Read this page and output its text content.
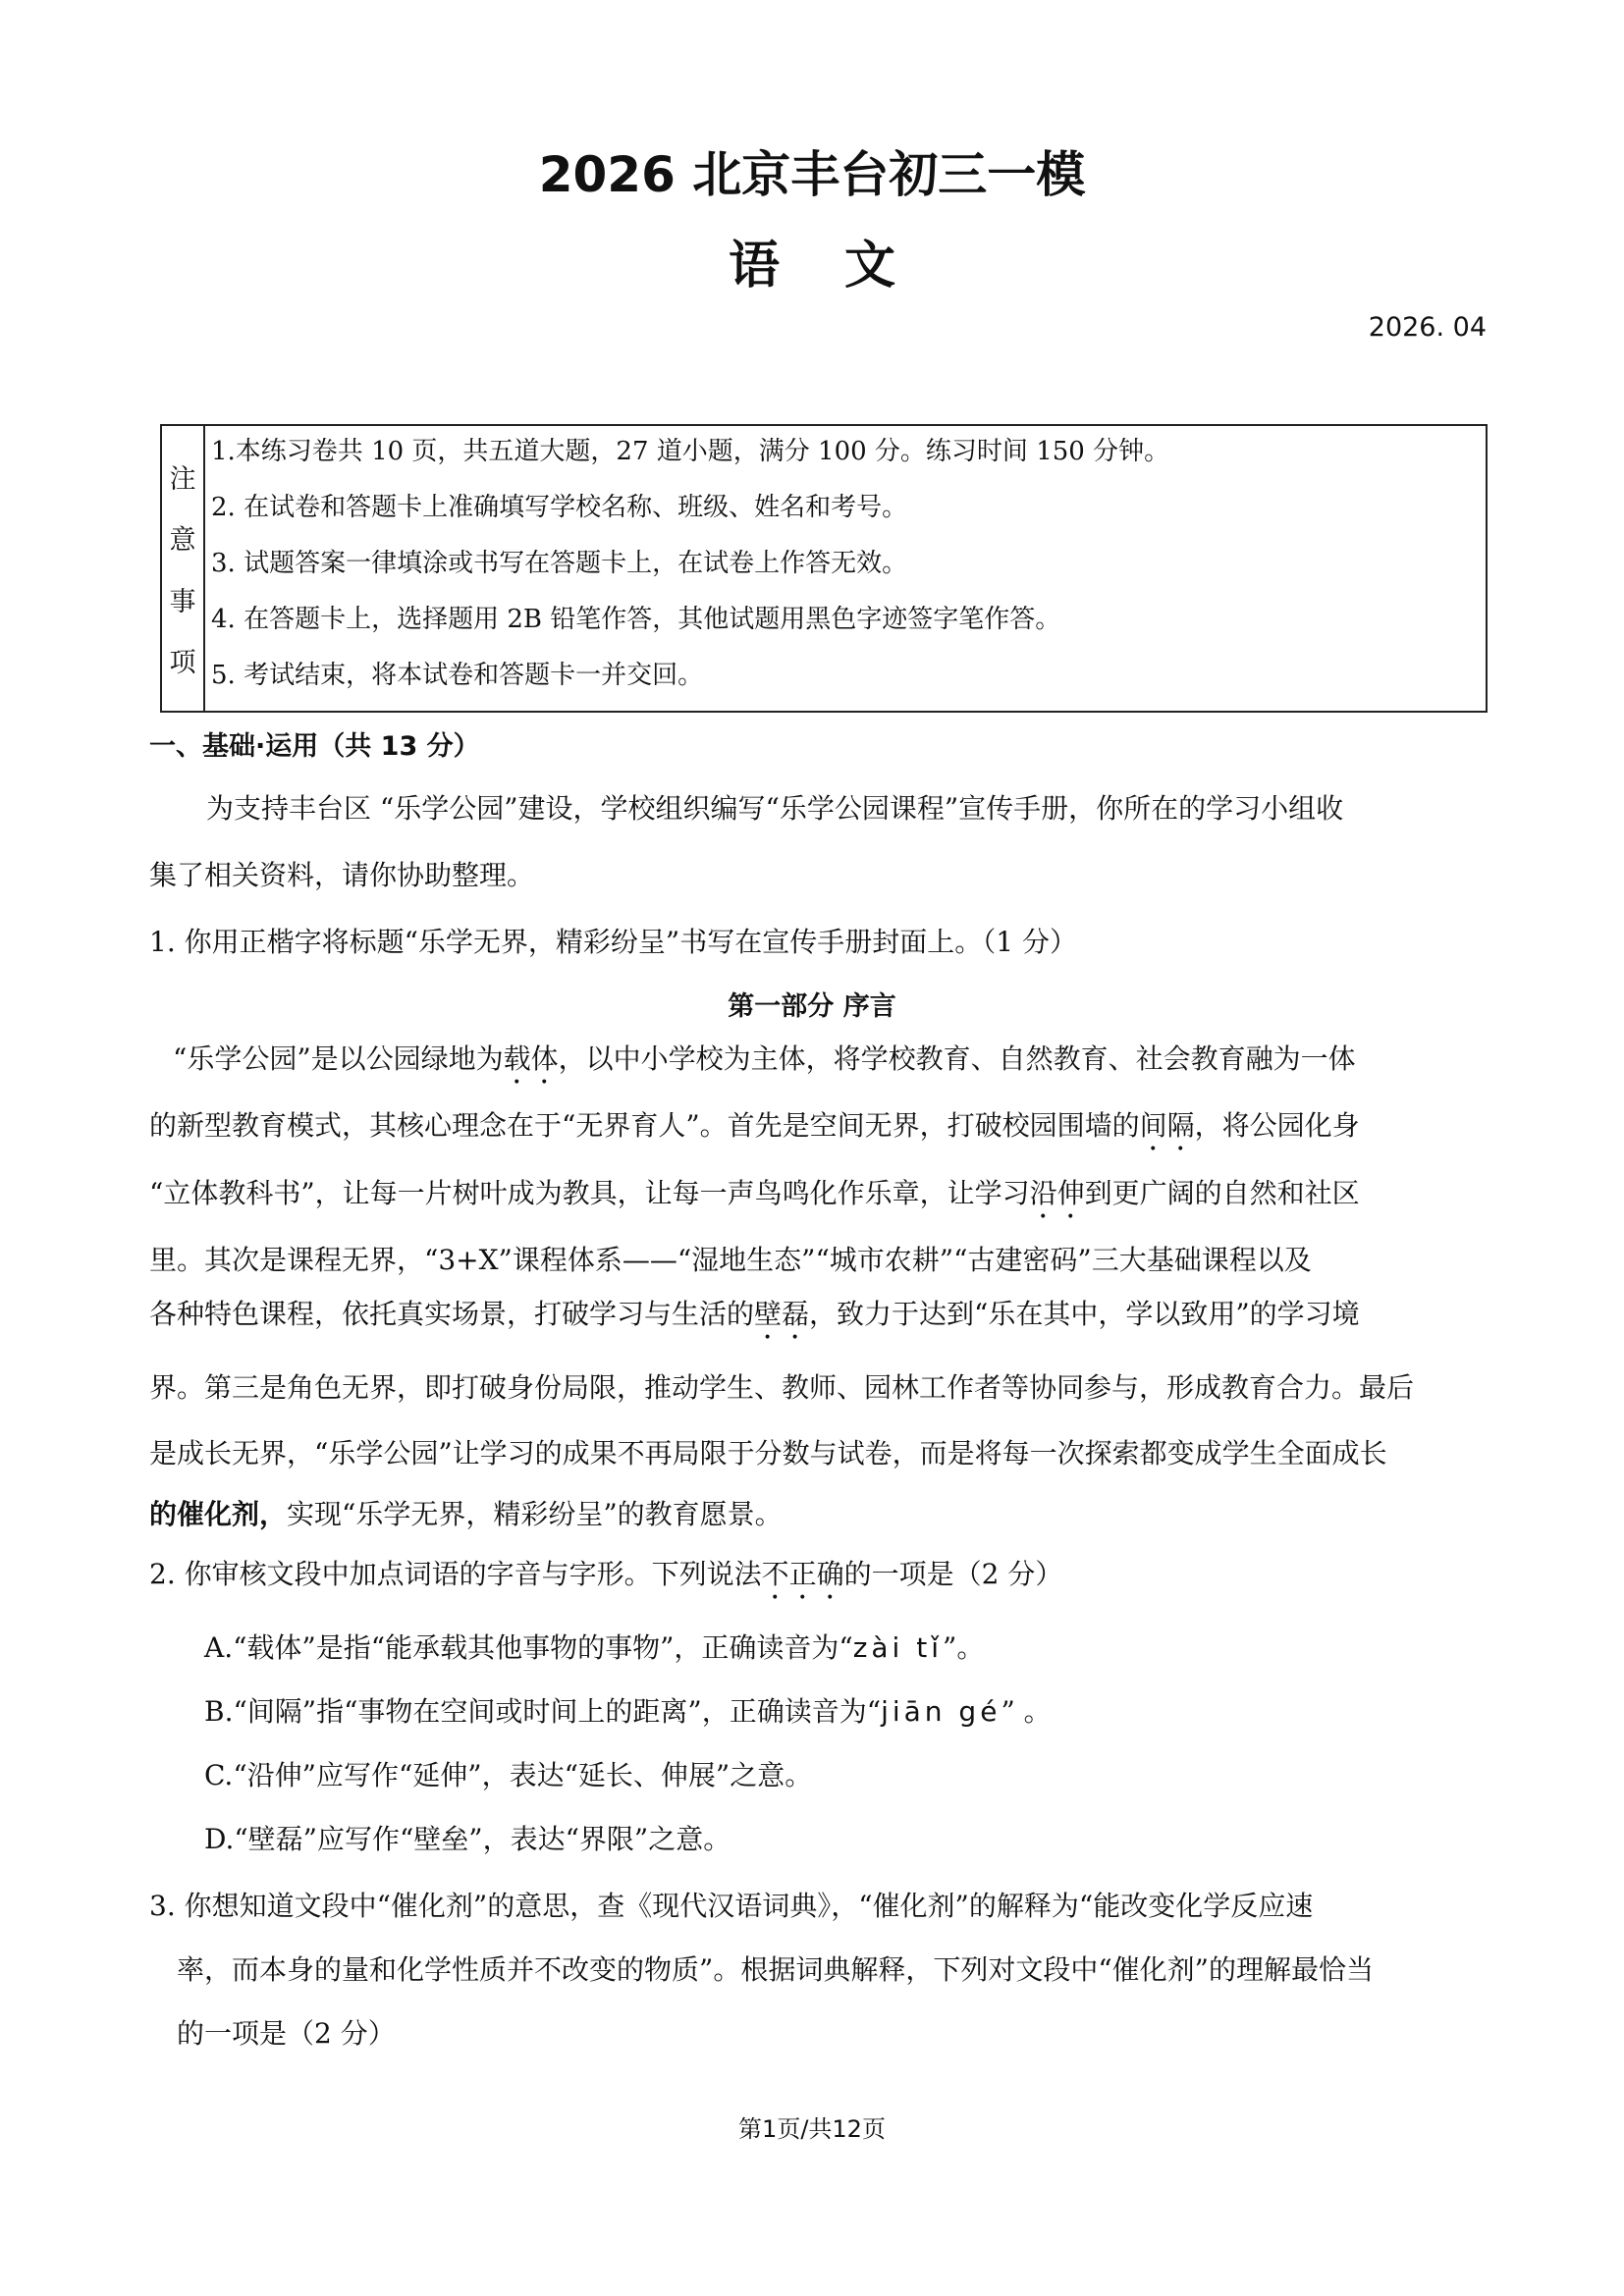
2026 北京丰台初三一模
语文
2026. 04
注
意
事
项
1.本练习卷共 10 页，共五道大题，27 道小题，满分 100 分。练习时间 150 分钟。
2. 在试卷和答题卡上准确填写学校名称、班级、姓名和考号。
3. 试题答案一律填涂或书写在答题卡上，在试卷上作答无效。
4. 在答题卡上，选择题用 2B 铅笔作答，其他试题用黑色字迹签字笔作答。
5. 考试结束，将本试卷和答题卡一并交回。
一、基础·运用（共 13 分）
为支持丰台区 “乐学公园”建设，学校组织编写“乐学公园课程”宣传手册，你所在的学习小组收
集了相关资料，请你协助整理。
1. 你用正楷字将标题“乐学无界，精彩纷呈”书写在宣传手册封面上。（1 分）
第一部分 序言
“乐学公园”是以公园绿地为载体，以中小学校为主体，将学校教育、自然教育、社会教育融为一体
的新型教育模式，其核心理念在于“无界育人”。首先是空间无界，打破校园围墙的间隔，将公园化身
“立体教科书”，让每一片树叶成为教具，让每一声鸟鸣化作乐章，让学习沿伸到更广阔的自然和社区
里。其次是课程无界，“3+X”课程体系——“湿地生态”“城市农耕”“古建密码”三大基础课程以及
各种特色课程，依托真实场景，打破学习与生活的壁磊，致力于达到“乐在其中，学以致用”的学习境
界。第三是角色无界，即打破身份局限，推动学生、教师、园林工作者等协同参与，形成教育合力。最后
是成长无界，“乐学公园”让学习的成果不再局限于分数与试卷，而是将每一次探索都变成学生全面成长
的催化剂，实现“乐学无界，精彩纷呈”的教育愿景。
2. 你审核文段中加点词语的字音与字形。下列说法不正确的一项是（2 分）
A.“载体”是指“能承载其他事物的事物”，正确读音为“zài tǐ”。
B.“间隔”指“事物在空间或时间上的距离”，正确读音为“jiān gé” 。
C.“沿伸”应写作“延伸”，表达“延长、伸展”之意。
D.“壁磊”应写作“壁垒”，表达“界限”之意。
3. 你想知道文段中“催化剂”的意思，查《现代汉语词典》，“催化剂”的解释为“能改变化学反应速
率，而本身的量和化学性质并不改变的物质”。根据词典解释，下列对文段中“催化剂”的理解最恰当
的一项是（2 分）
第1页/共12页
